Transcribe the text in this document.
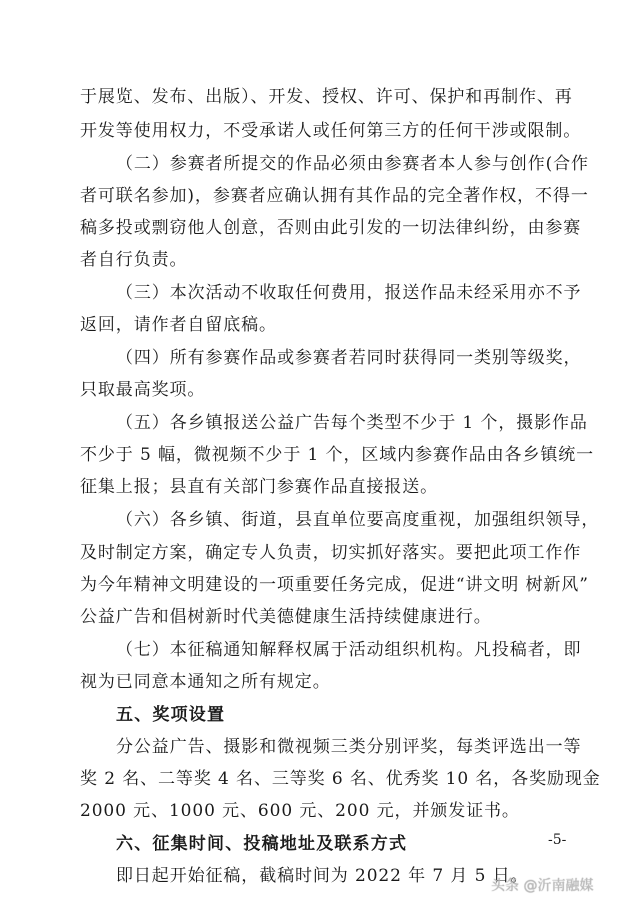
于展览、发布、出版）、开发、授权、许可、保护和再制作、再
开发等使用权力，不受承诺人或任何第三方的任何干涉或限制。
（二）参赛者所提交的作品必须由参赛者本人参与创作(合作
者可联名参加)，参赛者应确认拥有其作品的完全著作权，不得一
稿多投或剽窃他人创意，否则由此引发的一切法律纠纷，由参赛
者自行负责。
（三）本次活动不收取任何费用，报送作品未经采用亦不予
返回，请作者自留底稿。
（四）所有参赛作品或参赛者若同时获得同一类别等级奖，
只取最高奖项。
（五）各乡镇报送公益广告每个类型不少于 1 个，摄影作品
不少于 5 幅，微视频不少于 1 个，区域内参赛作品由各乡镇统一
征集上报；县直有关部门参赛作品直接报送。
（六）各乡镇、街道，县直单位要高度重视，加强组织领导，
及时制定方案，确定专人负责，切实抓好落实。要把此项工作作
为今年精神文明建设的一项重要任务完成，促进“讲文明 树新风”
公益广告和倡树新时代美德健康生活持续健康进行。
（七）本征稿通知解释权属于活动组织机构。凡投稿者，即
视为已同意本通知之所有规定。
五、奖项设置
分公益广告、摄影和微视频三类分别评奖，每类评选出一等
奖 2 名、二等奖 4 名、三等奖 6 名、优秀奖 10 名，各奖励现金
2000 元、1000 元、600 元、200 元，并颁发证书。
六、征集时间、投稿地址及联系方式
即日起开始征稿，截稿时间为 2022 年 7 月 5 日。
-5-
头条 @沂南融媒
